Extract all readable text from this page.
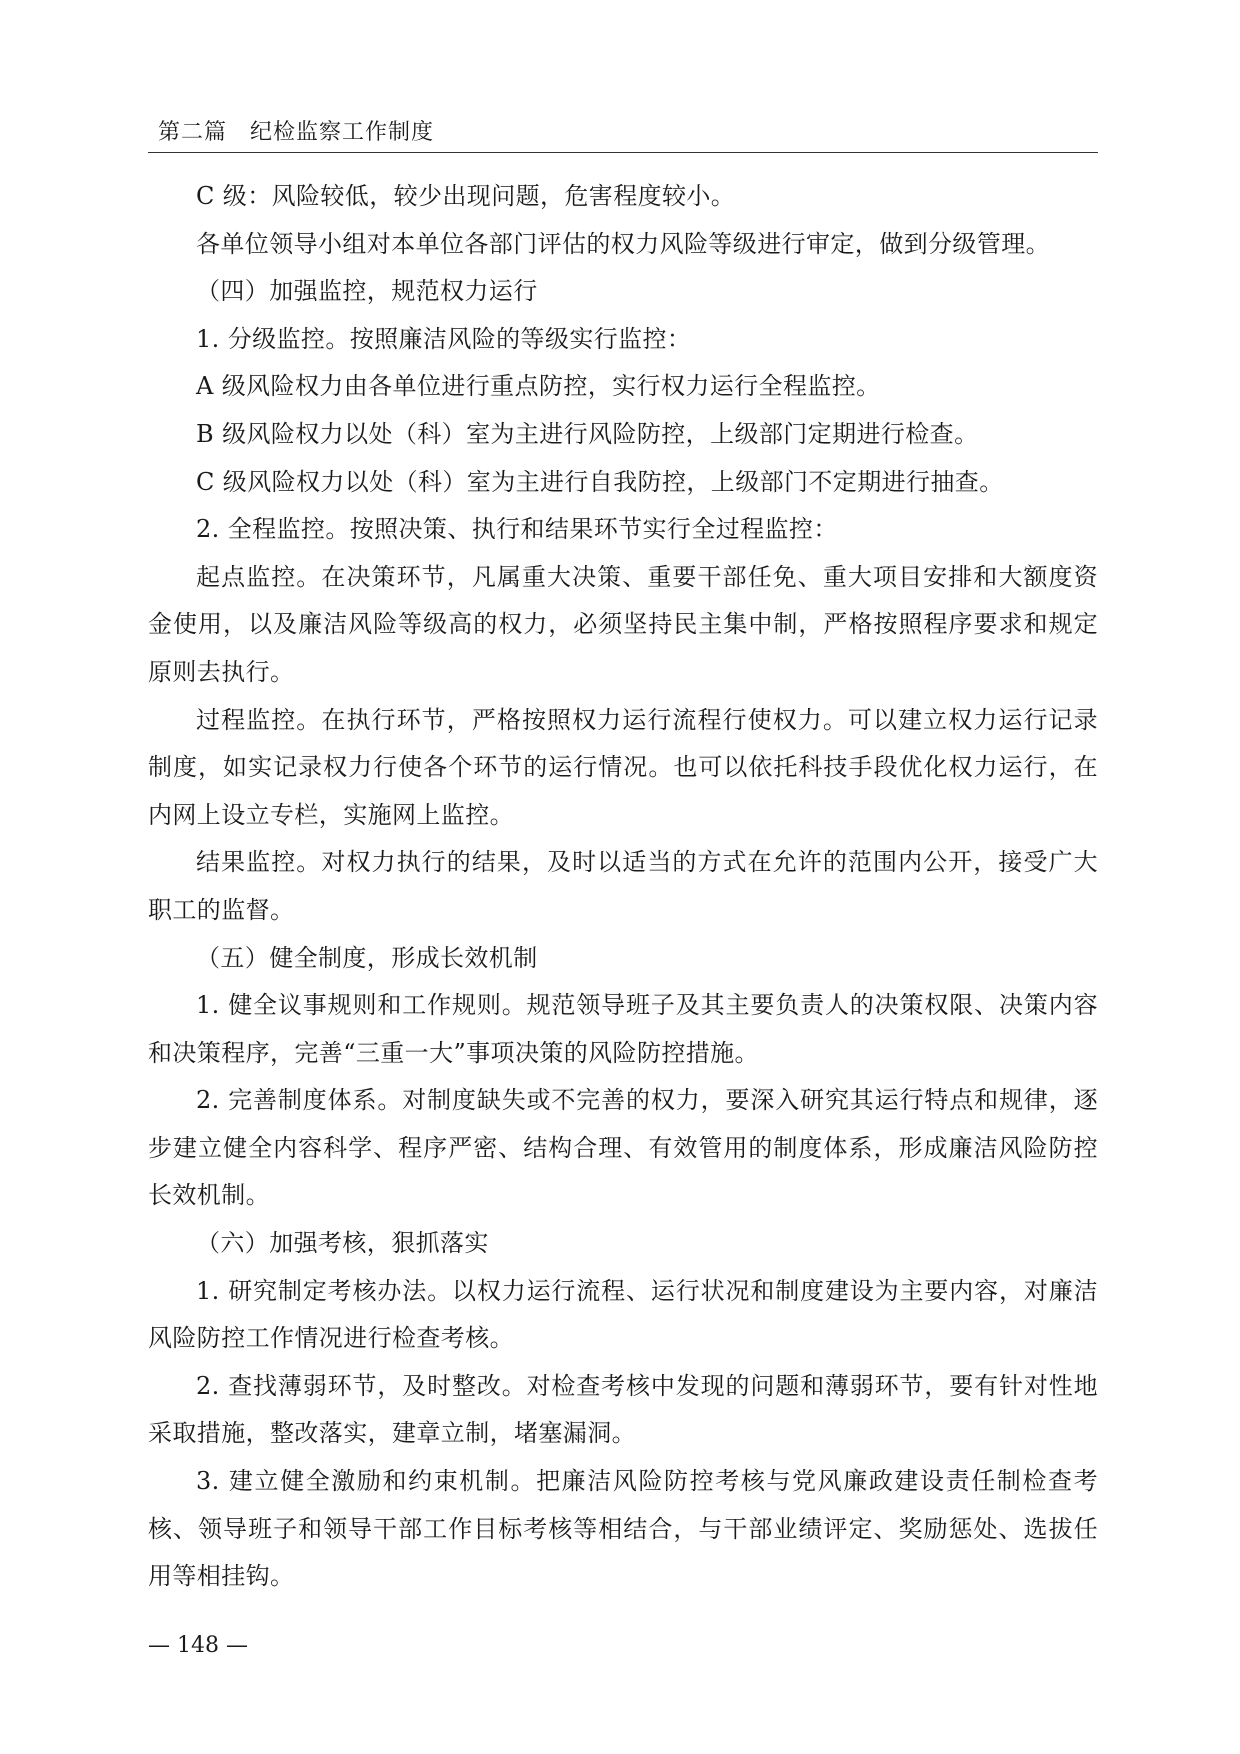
第二篇　纪检监察工作制度

C 级：风险较低，较少出现问题，危害程度较小。

各单位领导小组对本单位各部门评估的权力风险等级进行审定，做到分级管理。

（四）加强监控，规范权力运行

1. 分级监控。按照廉洁风险的等级实行监控：

A 级风险权力由各单位进行重点防控，实行权力运行全程监控。

B 级风险权力以处（科）室为主进行风险防控，上级部门定期进行检查。

C 级风险权力以处（科）室为主进行自我防控，上级部门不定期进行抽查。

2. 全程监控。按照决策、执行和结果环节实行全过程监控：

起点监控。在决策环节，凡属重大决策、重要干部任免、重大项目安排和大额度资金使用，以及廉洁风险等级高的权力，必须坚持民主集中制，严格按照程序要求和规定原则去执行。

过程监控。在执行环节，严格按照权力运行流程行使权力。可以建立权力运行记录制度，如实记录权力行使各个环节的运行情况。也可以依托科技手段优化权力运行，在内网上设立专栏，实施网上监控。

结果监控。对权力执行的结果，及时以适当的方式在允许的范围内公开，接受广大职工的监督。

（五）健全制度，形成长效机制

1. 健全议事规则和工作规则。规范领导班子及其主要负责人的决策权限、决策内容和决策程序，完善“三重一大”事项决策的风险防控措施。

2. 完善制度体系。对制度缺失或不完善的权力，要深入研究其运行特点和规律，逐步建立健全内容科学、程序严密、结构合理、有效管用的制度体系，形成廉洁风险防控长效机制。

（六）加强考核，狠抓落实

1. 研究制定考核办法。以权力运行流程、运行状况和制度建设为主要内容，对廉洁风险防控工作情况进行检查考核。

2. 查找薄弱环节，及时整改。对检查考核中发现的问题和薄弱环节，要有针对性地采取措施，整改落实，建章立制，堵塞漏洞。

3. 建立健全激励和约束机制。把廉洁风险防控考核与党风廉政建设责任制检查考核、领导班子和领导干部工作目标考核等相结合，与干部业绩评定、奖励惩处、选拔任用等相挂钩。

— 148 —
